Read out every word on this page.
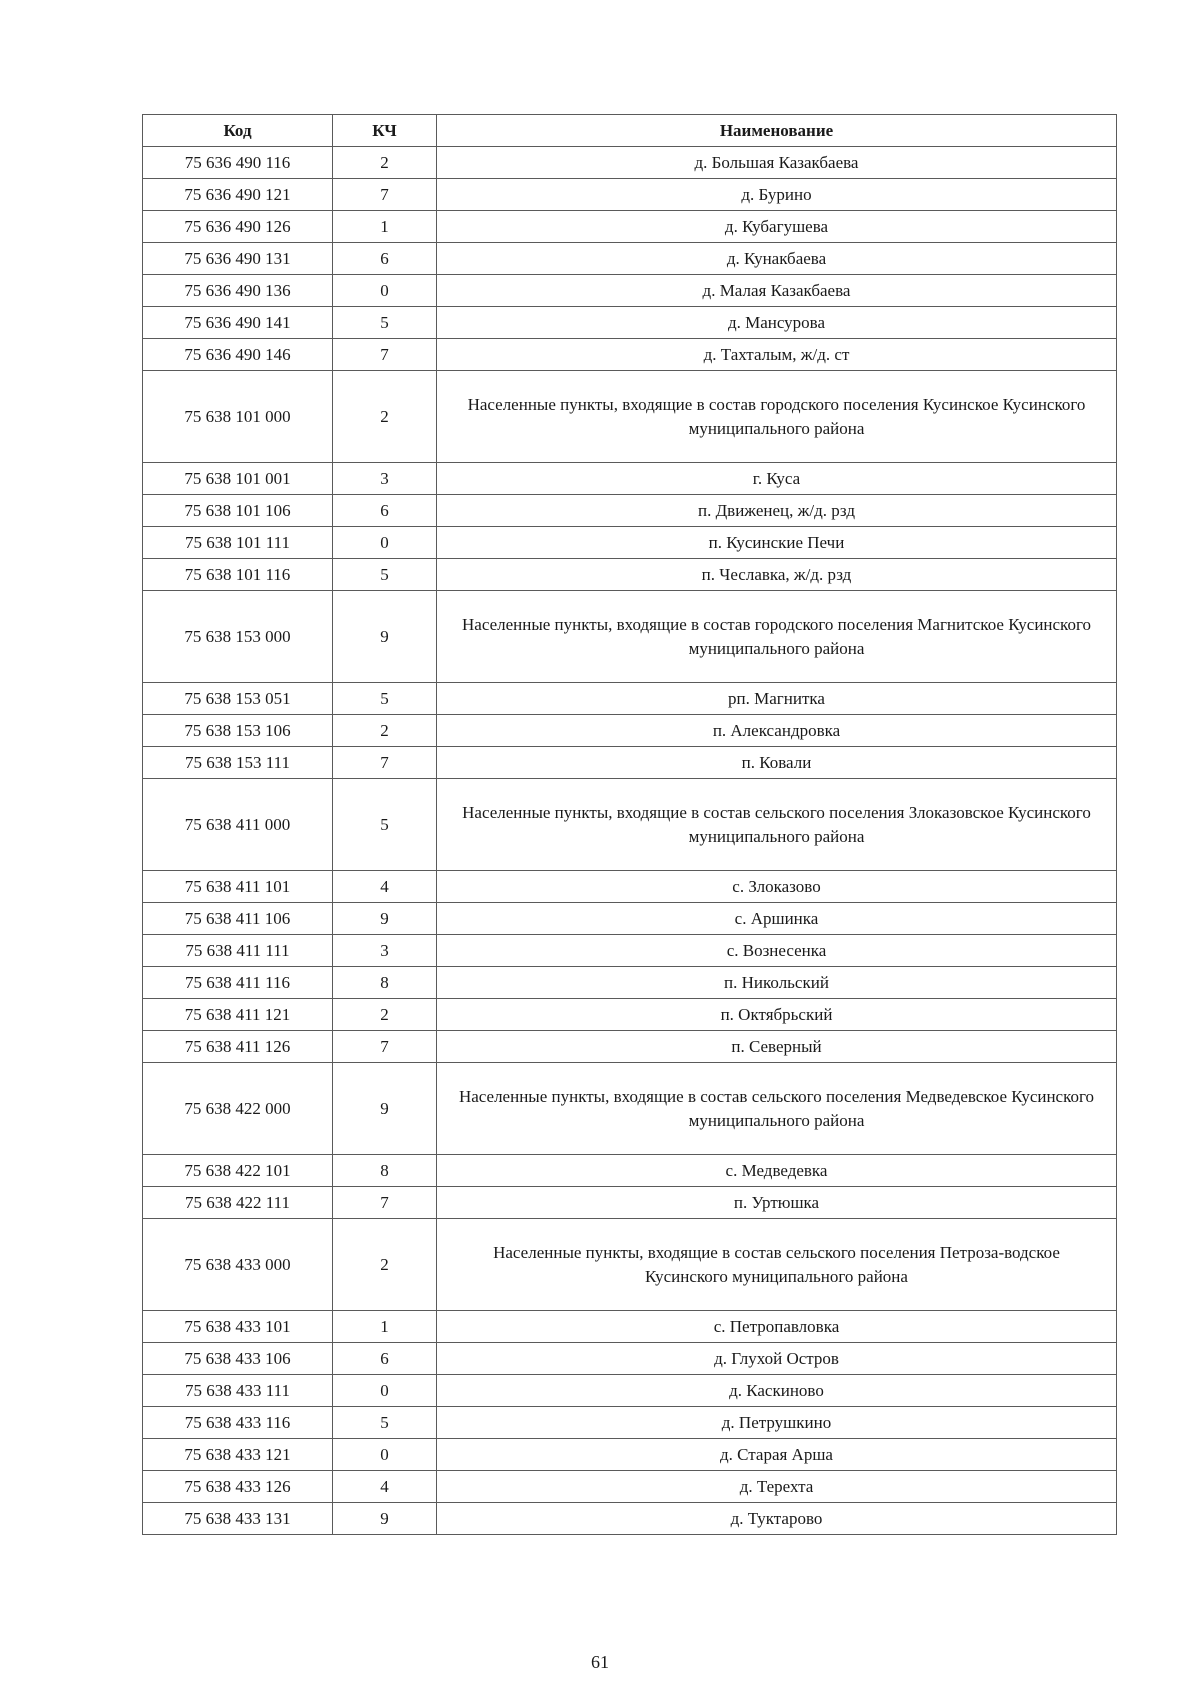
Код	КЧ	Наименование
75 636 490 116	2	д. Большая Казакбаева
75 636 490 121	7	д. Бурино
75 636 490 126	1	д. Кубагушева
75 636 490 131	6	д. Кунакбаева
75 636 490 136	0	д. Малая Казакбаева
75 636 490 141	5	д. Мансурова
75 636 490 146	7	д. Тахталым, ж/д. ст
75 638 101 000	2	Населенные пункты, входящие в состав городского поселения Кусинское Кусинского муниципального района
75 638 101 001	3	г. Куса
75 638 101 106	6	п. Движенец, ж/д. рзд
75 638 101 111	0	п. Кусинские Печи
75 638 101 116	5	п. Чеславка, ж/д. рзд
75 638 153 000	9	Населенные пункты, входящие в состав городского поселения Магнитское Кусинского муниципального района
75 638 153 051	5	рп. Магнитка
75 638 153 106	2	п. Александровка
75 638 153 111	7	п. Ковали
75 638 411 000	5	Населенные пункты, входящие в состав сельского поселения Злоказовское Кусинского муниципального района
75 638 411 101	4	с. Злоказово
75 638 411 106	9	с. Аршинка
75 638 411 111	3	с. Вознесенка
75 638 411 116	8	п. Никольский
75 638 411 121	2	п. Октябрьский
75 638 411 126	7	п. Северный
75 638 422 000	9	Населенные пункты, входящие в состав сельского поселения Медведевское Кусинского муниципального района
75 638 422 101	8	с. Медведевка
75 638 422 111	7	п. Уртюшка
75 638 433 000	2	Населенные пункты, входящие в состав сельского поселения Петроза-водское Кусинского муниципального района
75 638 433 101	1	с. Петропавловка
75 638 433 106	6	д. Глухой Остров
75 638 433 111	0	д. Каскиново
75 638 433 116	5	д. Петрушкино
75 638 433 121	0	д. Старая Арша
75 638 433 126	4	д. Терехта
75 638 433 131	9	д. Туктарово
61
